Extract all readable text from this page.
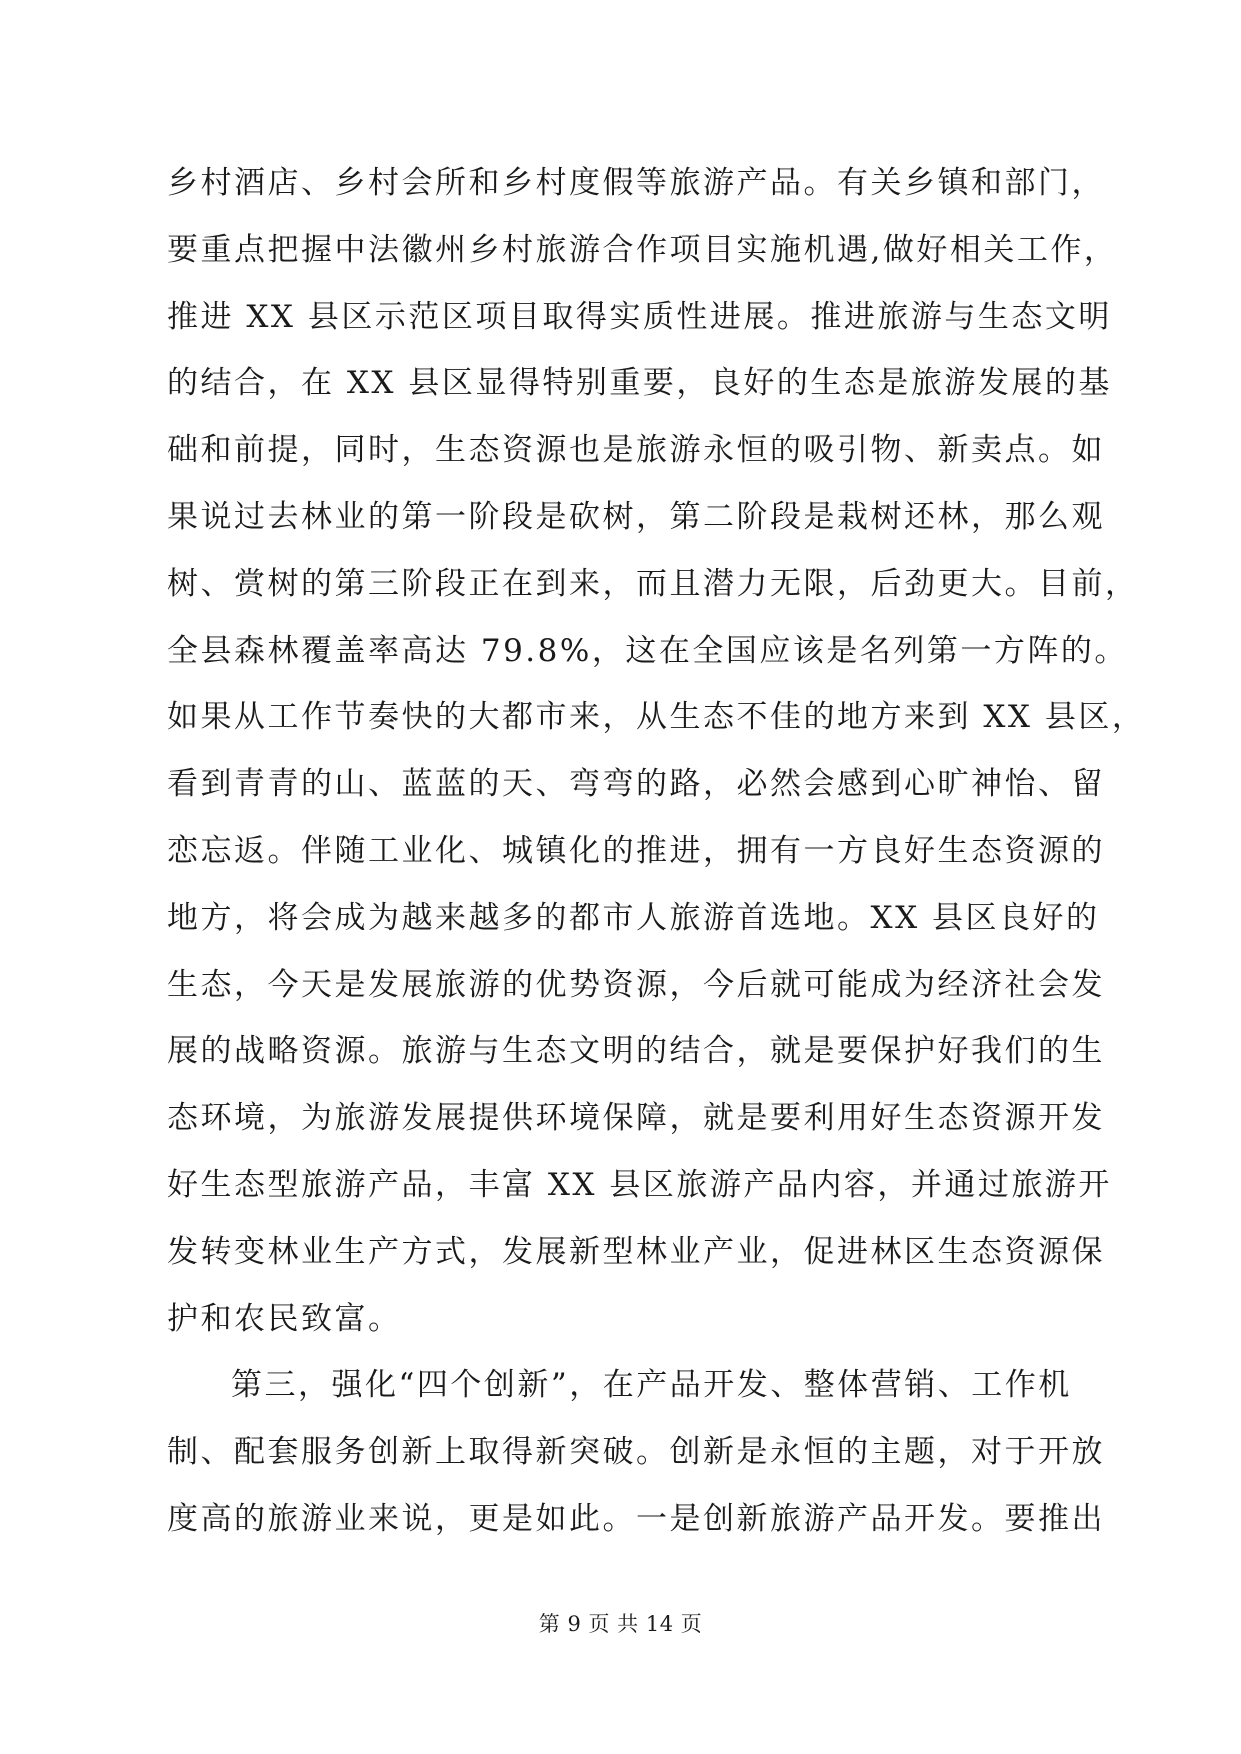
乡村酒店、乡村会所和乡村度假等旅游产品。有关乡镇和部门，
要重点把握中法徽州乡村旅游合作项目实施机遇,做好相关工作，
推进 XX 县区示范区项目取得实质性进展。推进旅游与生态文明
的结合，在 XX 县区显得特别重要，良好的生态是旅游发展的基
础和前提，同时，生态资源也是旅游永恒的吸引物、新卖点。如
果说过去林业的第一阶段是砍树，第二阶段是栽树还林，那么观
树、赏树的第三阶段正在到来，而且潜力无限，后劲更大。目前，
全县森林覆盖率高达 79.8%，这在全国应该是名列第一方阵的。
如果从工作节奏快的大都市来，从生态不佳的地方来到 XX 县区，
看到青青的山、蓝蓝的天、弯弯的路，必然会感到心旷神怡、留
恋忘返。伴随工业化、城镇化的推进，拥有一方良好生态资源的
地方，将会成为越来越多的都市人旅游首选地。XX 县区良好的
生态，今天是发展旅游的优势资源，今后就可能成为经济社会发
展的战略资源。旅游与生态文明的结合，就是要保护好我们的生
态环境，为旅游发展提供环境保障，就是要利用好生态资源开发
好生态型旅游产品，丰富 XX 县区旅游产品内容，并通过旅游开
发转变林业生产方式，发展新型林业产业，促进林区生态资源保
护和农民致富。
第三，强化“四个创新”，在产品开发、整体营销、工作机
制、配套服务创新上取得新突破。创新是永恒的主题，对于开放
度高的旅游业来说，更是如此。一是创新旅游产品开发。要推出
第 9 页 共 14 页
